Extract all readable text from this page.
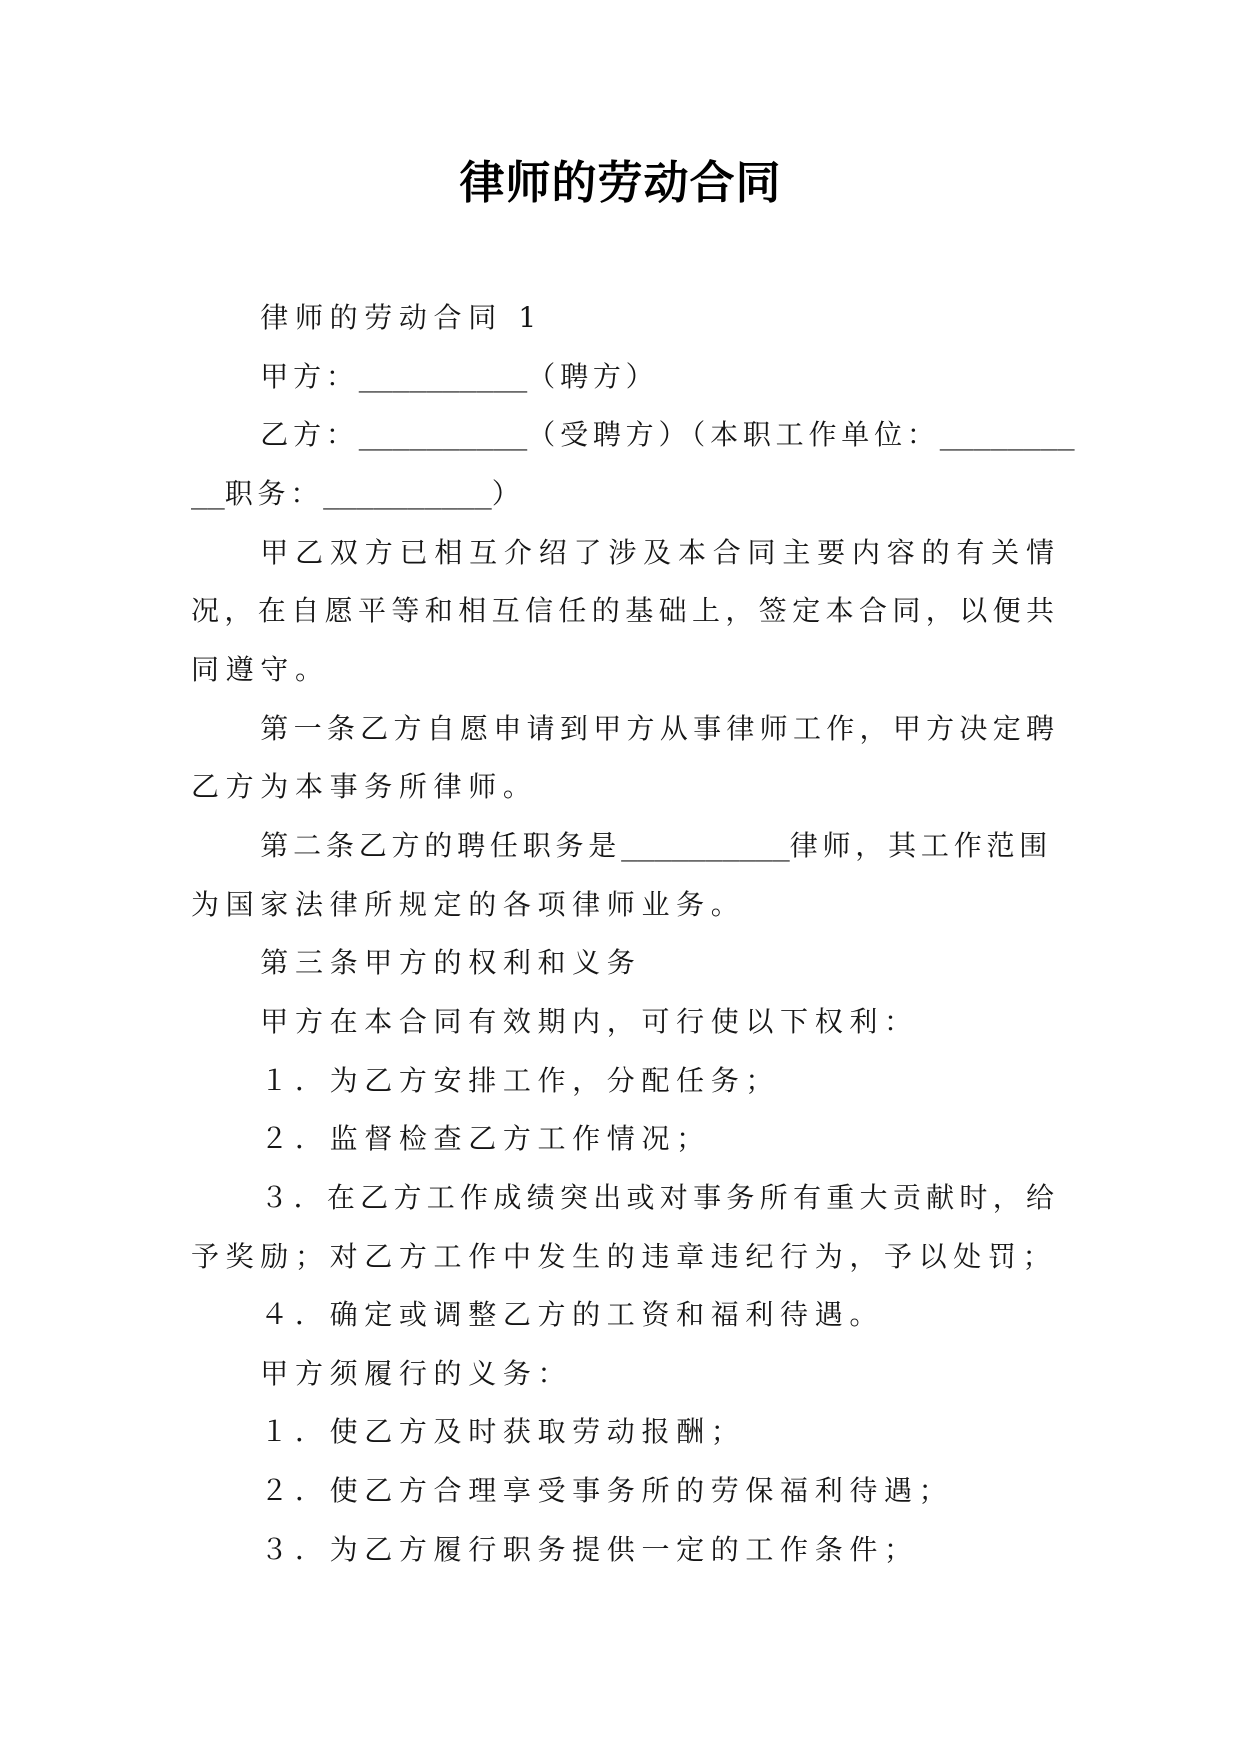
律师的劳动合同
律师的劳动合同 1
甲方：__________（聘方）
乙方：__________（受聘方）（本职工作单位：________
__职务：__________）
甲乙双方已相互介绍了涉及本合同主要内容的有关情
况，在自愿平等和相互信任的基础上，签定本合同，以便共
同遵守。
第一条乙方自愿申请到甲方从事律师工作，甲方决定聘
乙方为本事务所律师。
第二条乙方的聘任职务是__________律师，其工作范围
为国家法律所规定的各项律师业务。
第三条甲方的权利和义务
甲方在本合同有效期内，可行使以下权利：
１．为乙方安排工作，分配任务；
２．监督检查乙方工作情况；
３．在乙方工作成绩突出或对事务所有重大贡献时，给
予奖励；对乙方工作中发生的违章违纪行为，予以处罚；
４．确定或调整乙方的工资和福利待遇。
甲方须履行的义务：
１．使乙方及时获取劳动报酬；
２．使乙方合理享受事务所的劳保福利待遇；
３．为乙方履行职务提供一定的工作条件；
